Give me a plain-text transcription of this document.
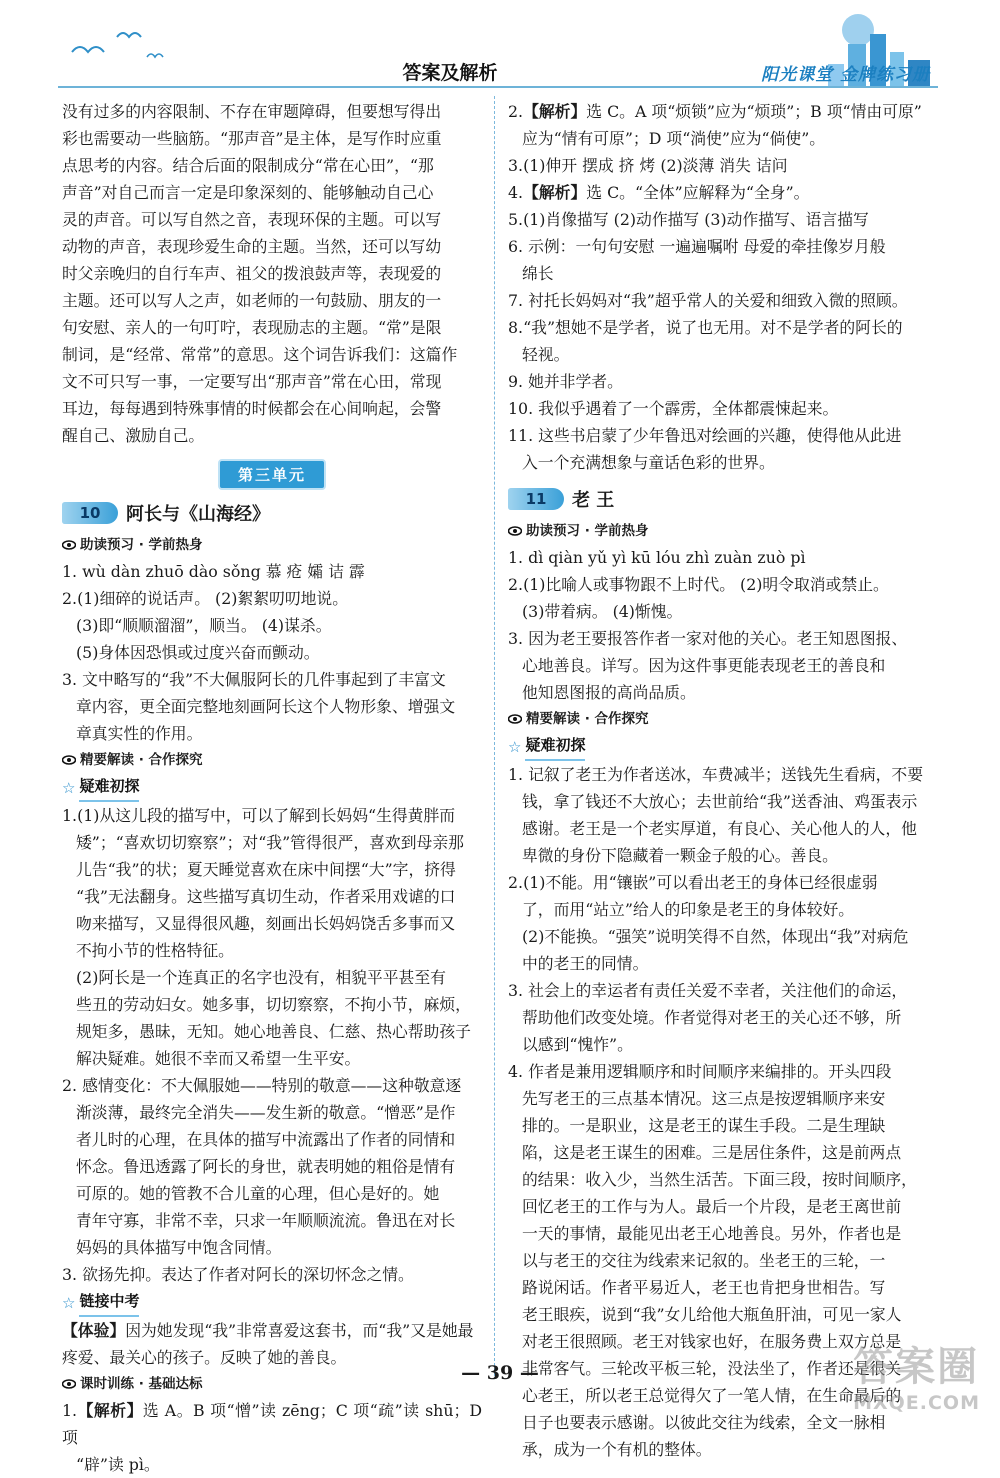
答案及解析	阳光课堂 金牌练习册

没有过多的内容限制、不存在审题障碍，但要想写得出

彩也需要动一些脑筋。“那声音”是主体，是写作时应重

点思考的内容。结合后面的限制成分“常在心田”，“那

声音”对自己而言一定是印象深刻的、能够触动自己心

灵的声音。可以写自然之音，表现环保的主题。可以写

动物的声音，表现珍爱生命的主题。当然，还可以写幼

时父亲晚归的自行车声、祖父的拨浪鼓声等，表现爱的

主题。还可以写人之声，如老师的一句鼓励、朋友的一

句安慰、亲人的一句叮咛，表现励志的主题。“常”是限

制词，是“经常、常常”的意思。这个词告诉我们：这篇作

文不可只写一事，一定要写出“那声音”常在心田，常现

耳边，每每遇到特殊事情的时候都会在心间响起，会警

醒自己、激励自己。

第三单元
10	阿长与《山海经》
助读预习 · 学前热身

1. wù dàn zhuō dào sǒng 慕 疮 孀 诘 霹

2.(1)细碎的说话声。 (2)絮絮叨叨地说。

(3)即“顺顺溜溜”，顺当。 (4)谋杀。

(5)身体因恐惧或过度兴奋而颤动。

3. 文中略写的“我”不大佩服阿长的几件事起到了丰富文

章内容，更全面完整地刻画阿长这个人物形象、增强文

章真实性的作用。

精要解读 · 合作探究
☆ 疑难初探

1.(1)从这儿段的描写中，可以了解到长妈妈“生得黄胖而

矮”；“喜欢切切察察”；对“我”管得很严，喜欢到母亲那

儿告“我”的状；夏天睡觉喜欢在床中间摆“大”字，挤得

“我”无法翻身。这些描写真切生动，作者采用戏谑的口

吻来描写，又显得很风趣，刻画出长妈妈饶舌多事而又

不拘小节的性格特征。

(2)阿长是一个连真正的名字也没有，相貌平平甚至有

些丑的劳动妇女。她多事，切切察察，不拘小节，麻烦，

规矩多，愚昧，无知。她心地善良、仁慈、热心帮助孩子

解决疑难。她很不幸而又希望一生平安。

2. 感情变化：不大佩服她——特别的敬意——这种敬意逐

渐淡薄，最终完全消失——发生新的敬意。“憎恶”是作

者儿时的心理，在具体的描写中流露出了作者的同情和

怀念。鲁迅透露了阿长的身世，就表明她的粗俗是情有

可原的。她的管教不合儿童的心理，但心是好的。她

青年守寡，非常不幸，只求一年顺顺流流。鲁迅在对长

妈妈的具体描写中饱含同情。

3. 欲扬先抑。表达了作者对阿长的深切怀念之情。

☆ 链接中考

【体验】因为她发现“我”非常喜爱这套书，而“我”又是她最

疼爱、最关心的孩子。反映了她的善良。

课时训练 · 基础达标

1.【解析】选 A。B 项“憎”读 zēng；C 项“疏”读 shū；D 项

“辟”读 pì。

2.【解析】选 C。A 项“烦锁”应为“烦琐”；B 项“情由可原”

应为“情有可原”；D 项“淌使”应为“倘使”。

3.(1)伸开 摆成 挤 烤 (2)淡薄 消失 诘问

4.【解析】选 C。“全体”应解释为“全身”。

5.(1)肖像描写 (2)动作描写 (3)动作描写、语言描写

6. 示例：一句句安慰 一遍遍嘱咐 母爱的牵挂像岁月般

绵长

7. 衬托长妈妈对“我”超乎常人的关爱和细致入微的照顾。

8.“我”想她不是学者，说了也无用。对不是学者的阿长的

轻视。

9. 她并非学者。

10. 我似乎遇着了一个霹雳，全体都震悚起来。

11. 这些书启蒙了少年鲁迅对绘画的兴趣，使得他从此进

入一个充满想象与童话色彩的世界。

11	老 王
助读预习 · 学前热身

1. dì qiàn yǔ yì kū lóu zhì zuàn zuò pì

2.(1)比喻人或事物跟不上时代。 (2)明令取消或禁止。

(3)带着病。 (4)惭愧。

3. 因为老王要报答作者一家对他的关心。老王知恩图报、

心地善良。详写。因为这件事更能表现老王的善良和

他知恩图报的高尚品质。

精要解读 · 合作探究
☆ 疑难初探

1. 记叙了老王为作者送冰，车费减半；送钱先生看病，不要

钱，拿了钱还不大放心；去世前给“我”送香油、鸡蛋表示

感谢。老王是一个老实厚道，有良心、关心他人的人，他

卑微的身份下隐藏着一颗金子般的心。善良。

2.(1)不能。用“镶嵌”可以看出老王的身体已经很虚弱

了，而用“站立”给人的印象是老王的身体较好。

(2)不能换。“强笑”说明笑得不自然，体现出“我”对病危

中的老王的同情。

3. 社会上的幸运者有责任关爱不幸者，关注他们的命运，

帮助他们改变处境。作者觉得对老王的关心还不够，所

以感到“愧怍”。

4. 作者是兼用逻辑顺序和时间顺序来编排的。开头四段

先写老王的三点基本情况。这三点是按逻辑顺序来安

排的。一是职业，这是老王的谋生手段。二是生理缺

陷，这是老王谋生的困难。三是居住条件，这是前两点

的结果：收入少，当然生活苦。下面三段，按时间顺序，

回忆老王的工作与为人。最后一个片段，是老王离世前

一天的事情，最能见出老王心地善良。另外，作者也是

以与老王的交往为线索来记叙的。坐老王的三轮，一

路说闲话。作者平易近人，老王也肯把身世相告。写

老王眼疾，说到“我”女儿给他大瓶鱼肝油，可见一家人

对老王很照顾。老王对钱家也好，在服务费上双方总是

非常客气。三轮改平板三轮，没法坐了，作者还是很关

心老王，所以老王总觉得欠了一笔人情，在生命最后的

日子也要表示感谢。以彼此交往为线索，全文一脉相

承，成为一个有机的整体。

— 39 —	答案圈
MXQE.COM
